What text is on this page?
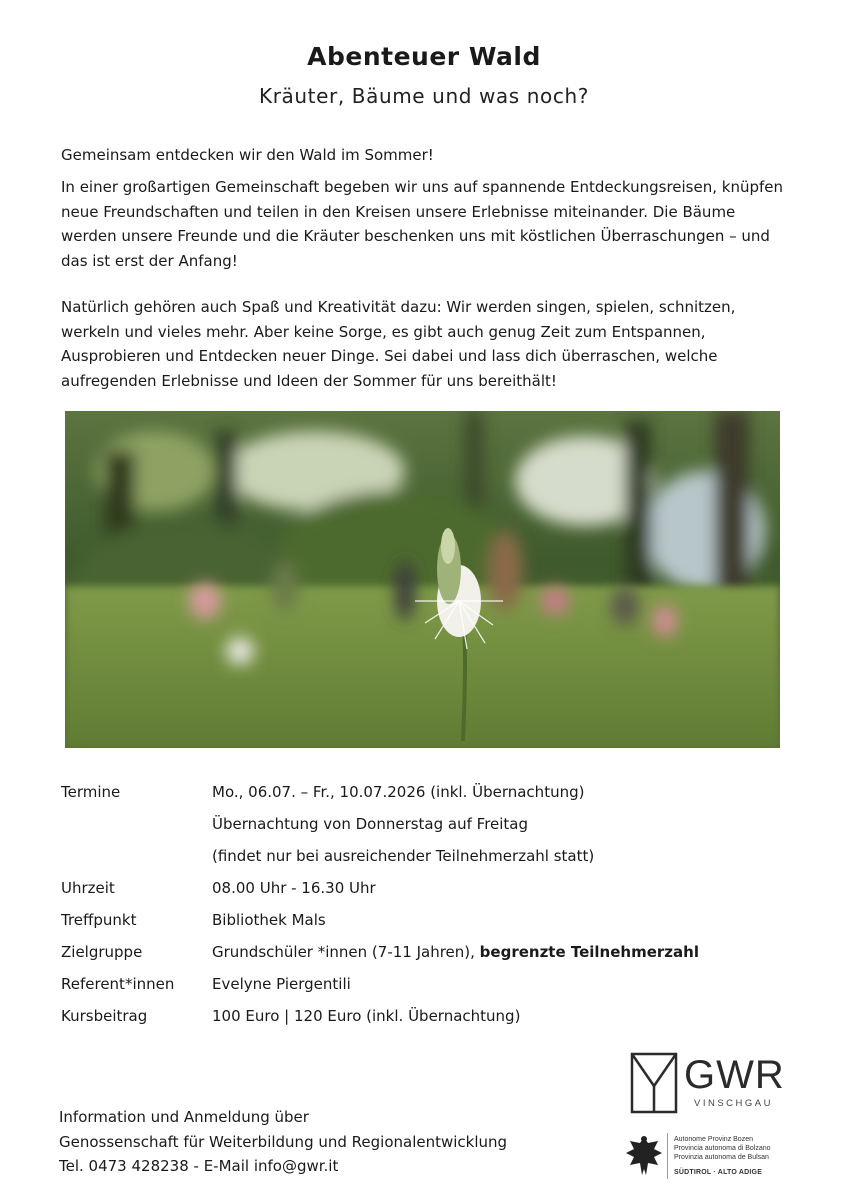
Abenteuer Wald
Kräuter, Bäume und was noch?
Gemeinsam entdecken wir den Wald im Sommer!
In einer großartigen Gemeinschaft begeben wir uns auf spannende Entdeckungsreisen, knüpfen neue Freundschaften und teilen in den Kreisen unsere Erlebnisse miteinander. Die Bäume werden unsere Freunde und die Kräuter beschenken uns mit köstlichen Überraschungen – und das ist erst der Anfang!
Natürlich gehören auch Spaß und Kreativität dazu: Wir werden singen, spielen, schnitzen, werkeln und vieles mehr. Aber keine Sorge, es gibt auch genug Zeit zum Entspannen, Ausprobieren und Entdecken neuer Dinge. Sei dabei und lass dich überraschen, welche aufregenden Erlebnisse und Ideen der Sommer für uns bereithält!
Termine	Mo., 06.07. – Fr., 10.07.2026 (inkl. Übernachtung)
Übernachtung von Donnerstag auf Freitag
(findet nur bei ausreichender Teilnehmerzahl statt)
Uhrzeit	08.00 Uhr - 16.30 Uhr
Treffpunkt	Bibliothek Mals
Zielgruppe	Grundschüler *innen (7-11 Jahren), begrenzte Teilnehmerzahl
Referent*innen	Evelyne Piergentili
Kursbeitrag	100 Euro | 120 Euro (inkl. Übernachtung)
Information und Anmeldung über
Genossenschaft für Weiterbildung und Regionalentwicklung
Tel. 0473 428238 - E-Mail info@gwr.it
GWR
VINSCHGAU
Autonome Provinz Bozen
Provincia autonoma di Bolzano
Provinzia autonoma de Bulsan
SÜDTIROL · ALTO ADIGE
